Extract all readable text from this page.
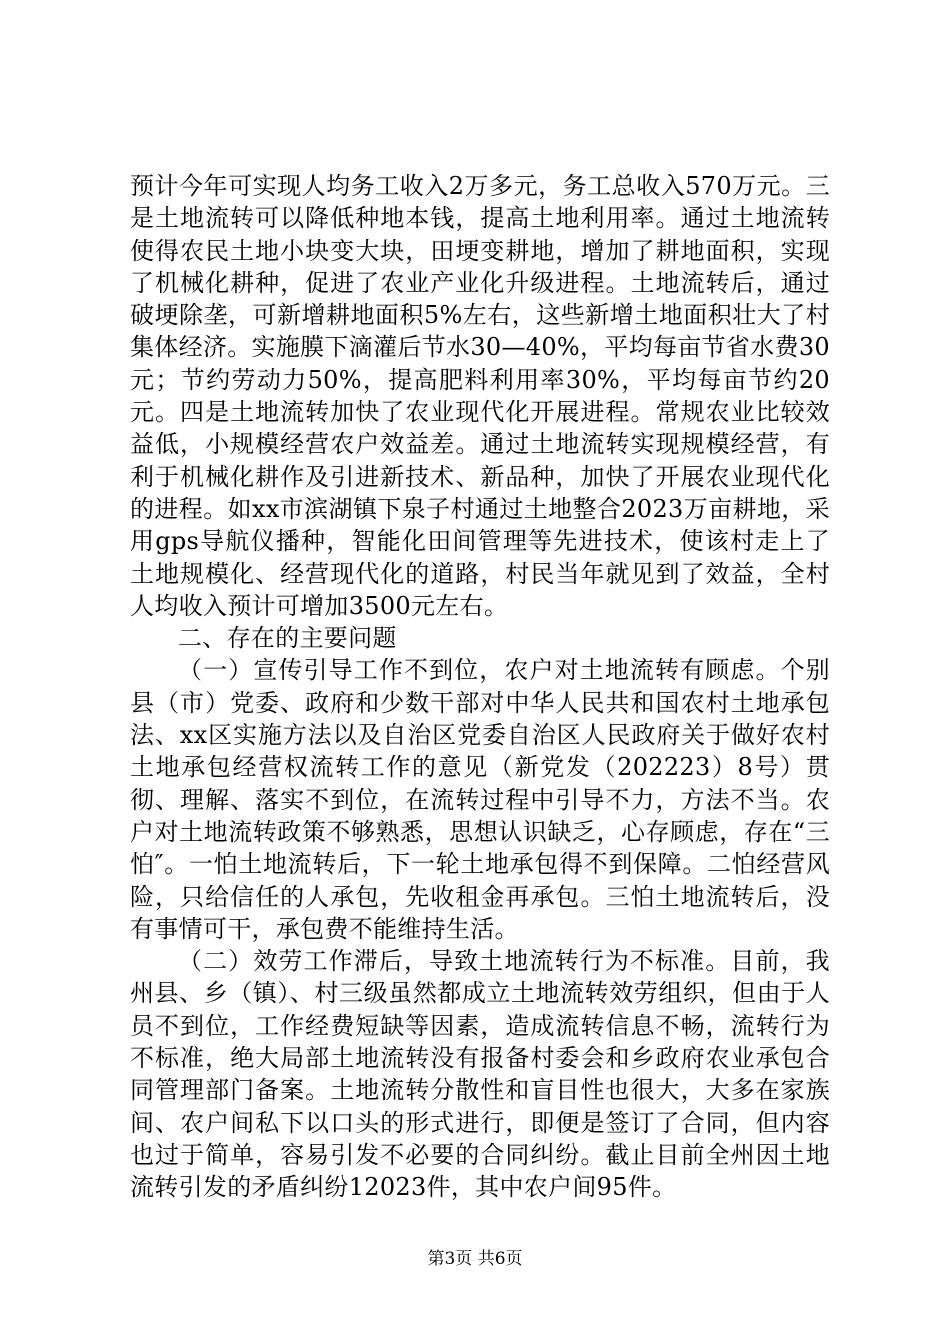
预计今年可实现人均务工收入2万多元，务工总收入570万元。三是土地流转可以降低种地本钱，提高土地利用率。通过土地流转使得农民土地小块变大块，田埂变耕地，增加了耕地面积，实现了机械化耕种，促进了农业产业化升级进程。土地流转后，通过破埂除垄，可新增耕地面积5%左右，这些新增土地面积壮大了村集体经济。实施膜下滴灌后节水30—40%，平均每亩节省水费30元；节约劳动力50%，提高肥料利用率30%，平均每亩节约20元。四是土地流转加快了农业现代化开展进程。常规农业比较效益低，小规模经营农户效益差。通过土地流转实现规模经营，有利于机械化耕作及引进新技术、新品种，加快了开展农业现代化的进程。如xx市滨湖镇下泉子村通过土地整合2023万亩耕地，采用gps导航仪播种，智能化田间管理等先进技术，使该村走上了土地规模化、经营现代化的道路，村民当年就见到了效益，全村人均收入预计可增加3500元左右。

二、存在的主要问题

（一）宣传引导工作不到位，农户对土地流转有顾虑。个别县（市）党委、政府和少数干部对中华人民共和国农村土地承包法、xx区实施方法以及自治区党委自治区人民政府关于做好农村土地承包经营权流转工作的意见（新党发（202223）8号）贯彻、理解、落实不到位，在流转过程中引导不力，方法不当。农户对土地流转政策不够熟悉，思想认识缺乏，心存顾虑，存在“三怕″。一怕土地流转后，下一轮土地承包得不到保障。二怕经营风险，只给信任的人承包，先收租金再承包。三怕土地流转后，没有事情可干，承包费不能维持生活。

（二）效劳工作滞后，导致土地流转行为不标准。目前，我州县、乡（镇）、村三级虽然都成立土地流转效劳组织，但由于人员不到位，工作经费短缺等因素，造成流转信息不畅，流转行为不标准，绝大局部土地流转没有报备村委会和乡政府农业承包合同管理部门备案。土地流转分散性和盲目性也很大，大多在家族间、农户间私下以口头的形式进行，即便是签订了合同，但内容也过于简单，容易引发不必要的合同纠纷。截止目前全州因土地流转引发的矛盾纠纷12023件，其中农户间95件。

第3页 共6页
